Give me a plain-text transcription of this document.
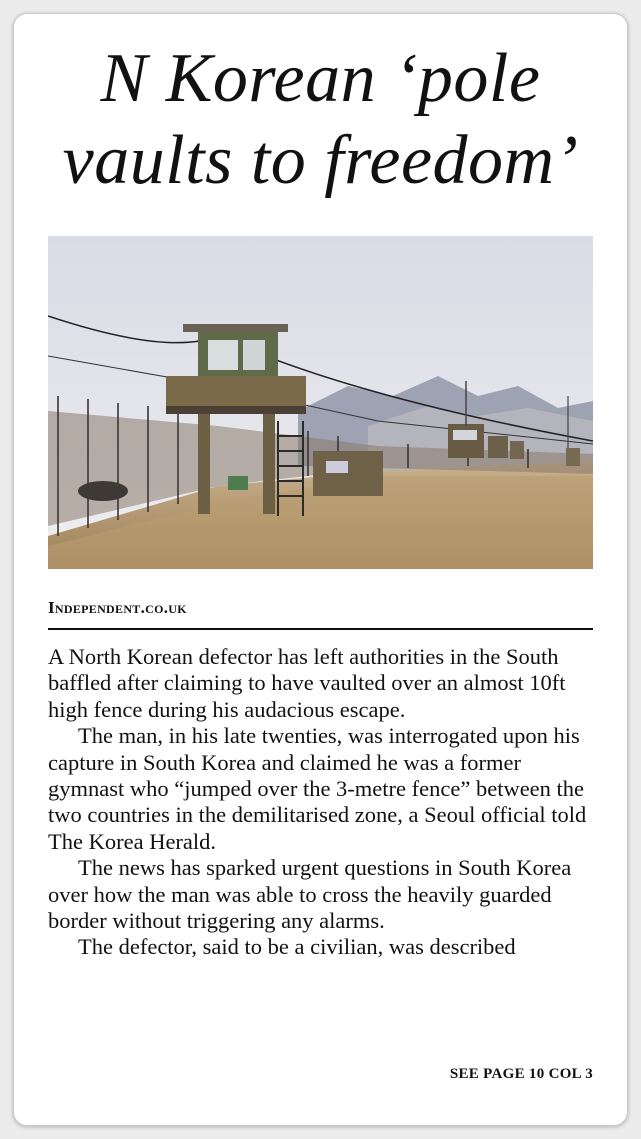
N Korean ‘pole
vaults to freedom’
Independent.co.uk

A North Korean defector has left authorities in the South baffled after claiming to have vaulted over an almost 10ft high fence during his audacious escape.

The man, in his late twenties, was interrogated upon his capture in South Korea and claimed he was a former gymnast who “jumped over the 3-metre fence” between the two countries in the demilitarised zone, a Seoul official told The Korea Herald.

The news has sparked urgent questions in South Korea over how the man was able to cross the heavily guarded border without triggering any alarms.

The defector, said to be a civilian, was described

SEE PAGE 10 COL 3
